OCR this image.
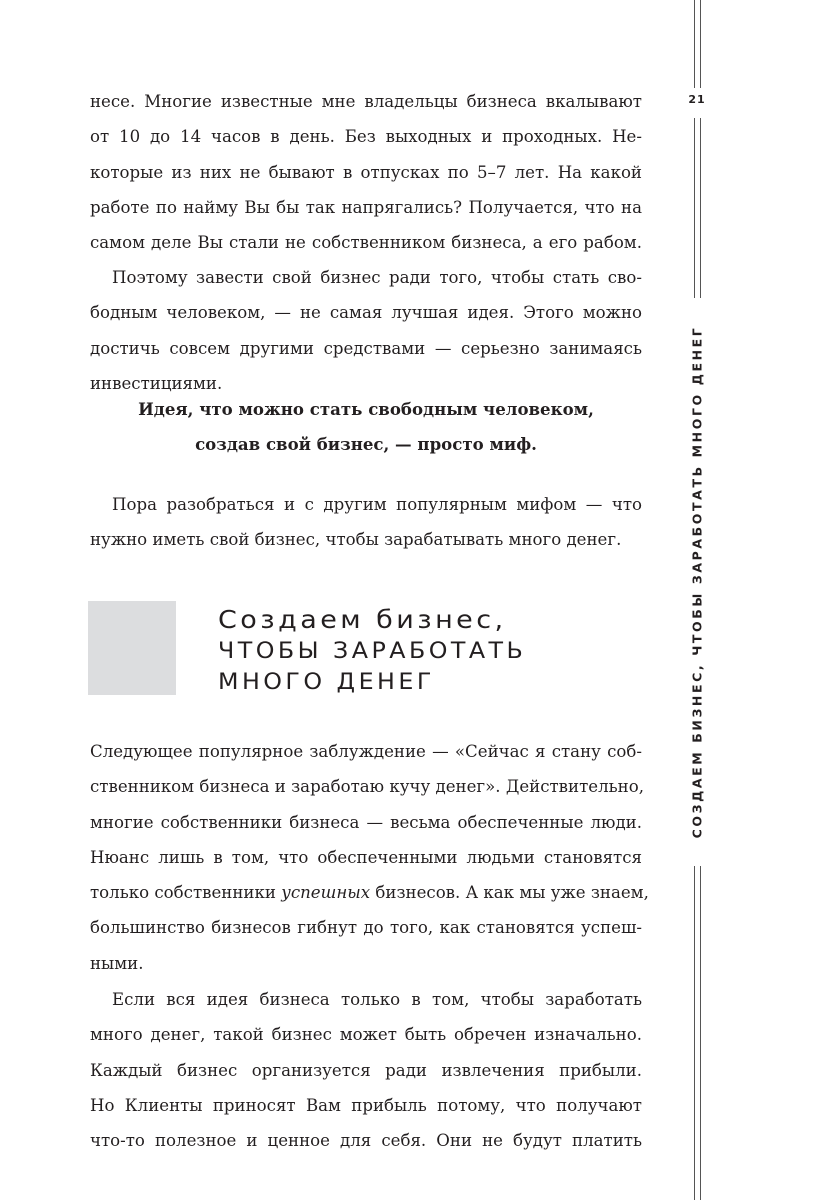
21
СОЗДАЕМ БИЗНЕС, ЧТОБЫ ЗАРАБОТАТЬ МНОГО ДЕНЕГ
несе. Многие известные мне владельцы бизнеса вкалывают
от 10 до 14 часов в день. Без выходных и проходных. Не-
которые из них не бывают в отпусках по 5–7 лет. На какой
работе по найму Вы бы так напрягались? Получается, что на
самом деле Вы стали не собственником бизнеса, а его рабом.
Поэтому завести свой бизнес ради того, чтобы стать сво-
бодным человеком, — не самая лучшая идея. Этого можно
достичь совсем другими средствами — серьезно занимаясь
инвестициями.
Идея, что можно стать свободным человеком,
создав свой бизнес, — просто миф.
Пора разобраться и с другим популярным мифом — что
нужно иметь свой бизнес, чтобы зарабатывать много денег.
Создаем бизнес,
ЧТОБЫ ЗАРАБОТАТЬ
МНОГО ДЕНЕГ
Следующее популярное заблуждение — «Сейчас я стану соб-
ственником бизнеса и заработаю кучу денег». Действительно,
многие собственники бизнеса — весьма обеспеченные люди.
Нюанс лишь в том, что обеспеченными людьми становятся
только собственники успешных бизнесов. А как мы уже знаем,
большинство бизнесов гибнут до того, как становятся успеш-
ными.
Если вся идея бизнеса только в том, чтобы заработать
много денег, такой бизнес может быть обречен изначально.
Каждый бизнес организуется ради извлечения прибыли.
Но Клиенты приносят Вам прибыль потому, что получают
что-то полезное и ценное для себя. Они не будут платить
